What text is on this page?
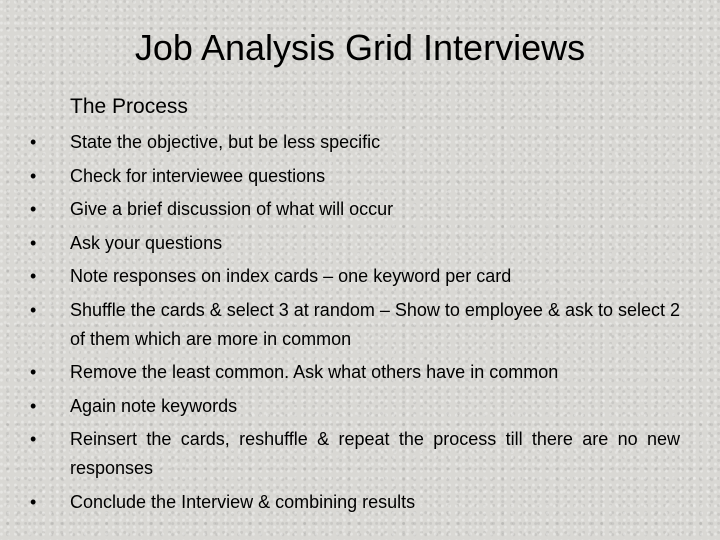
Job Analysis Grid Interviews
The Process
•	State the objective, but be less specific
•	Check for interviewee questions
•	Give a brief discussion of what will occur
•	Ask your questions
•	Note responses on index cards – one keyword per card
•	Shuffle the cards & select 3 at random – Show to employee & ask to select 2 of them which are more in common
•	Remove the least common. Ask what others have in common
•	Again note keywords
•	Reinsert the cards, reshuffle & repeat the process till there are no new responses
•	Conclude the Interview & combining results
